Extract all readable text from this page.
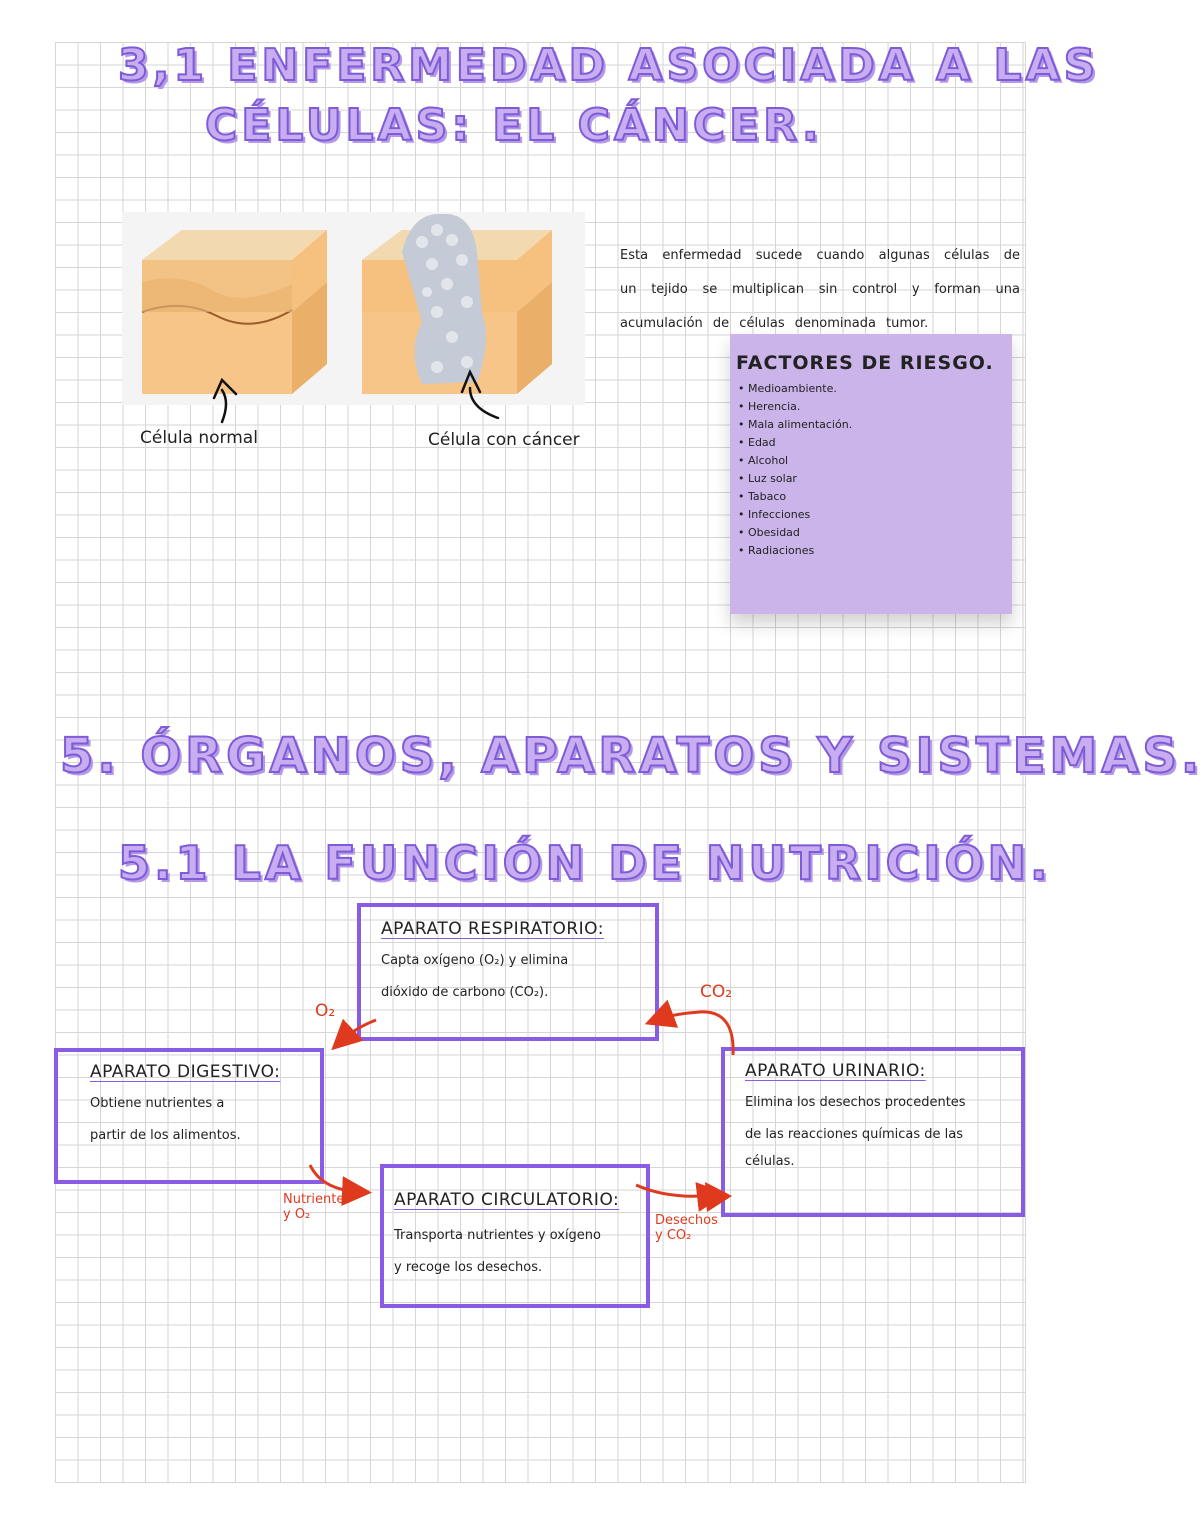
3,1 ENFERMEDAD ASOCIADA A LAS
CÉLULAS: EL CÁNCER.
Célula normal	Célula con cáncer

Esta enfermedad sucede cuando algunas células de un tejido se multiplican sin control y forman una acumulación de células denominada tumor.

FACTORES DE RIESGO.
• Medioambiente.
• Herencia.
• Mala alimentación.
• Edad
• Alcohol
• Luz solar
• Tabaco
• Infecciones
• Obesidad
• Radiaciones
5. ÓRGANOS, APARATOS Y SISTEMAS.
5.1 LA FUNCIÓN DE NUTRICIÓN.
APARATO RESPIRATORIO:

Capta oxígeno (O₂) y elimina

dióxido de carbono (CO₂).

APARATO DIGESTIVO:

Obtiene nutrientes a

partir de los alimentos.

APARATO URINARIO:

Elimina los desechos procedentes

de las reacciones químicas de las

células.

APARATO CIRCULATORIO:

Transporta nutrientes y oxígeno

y recoge los desechos.

O₂
CO₂
Nutrientes
y O₂	Desechos
y CO₂
